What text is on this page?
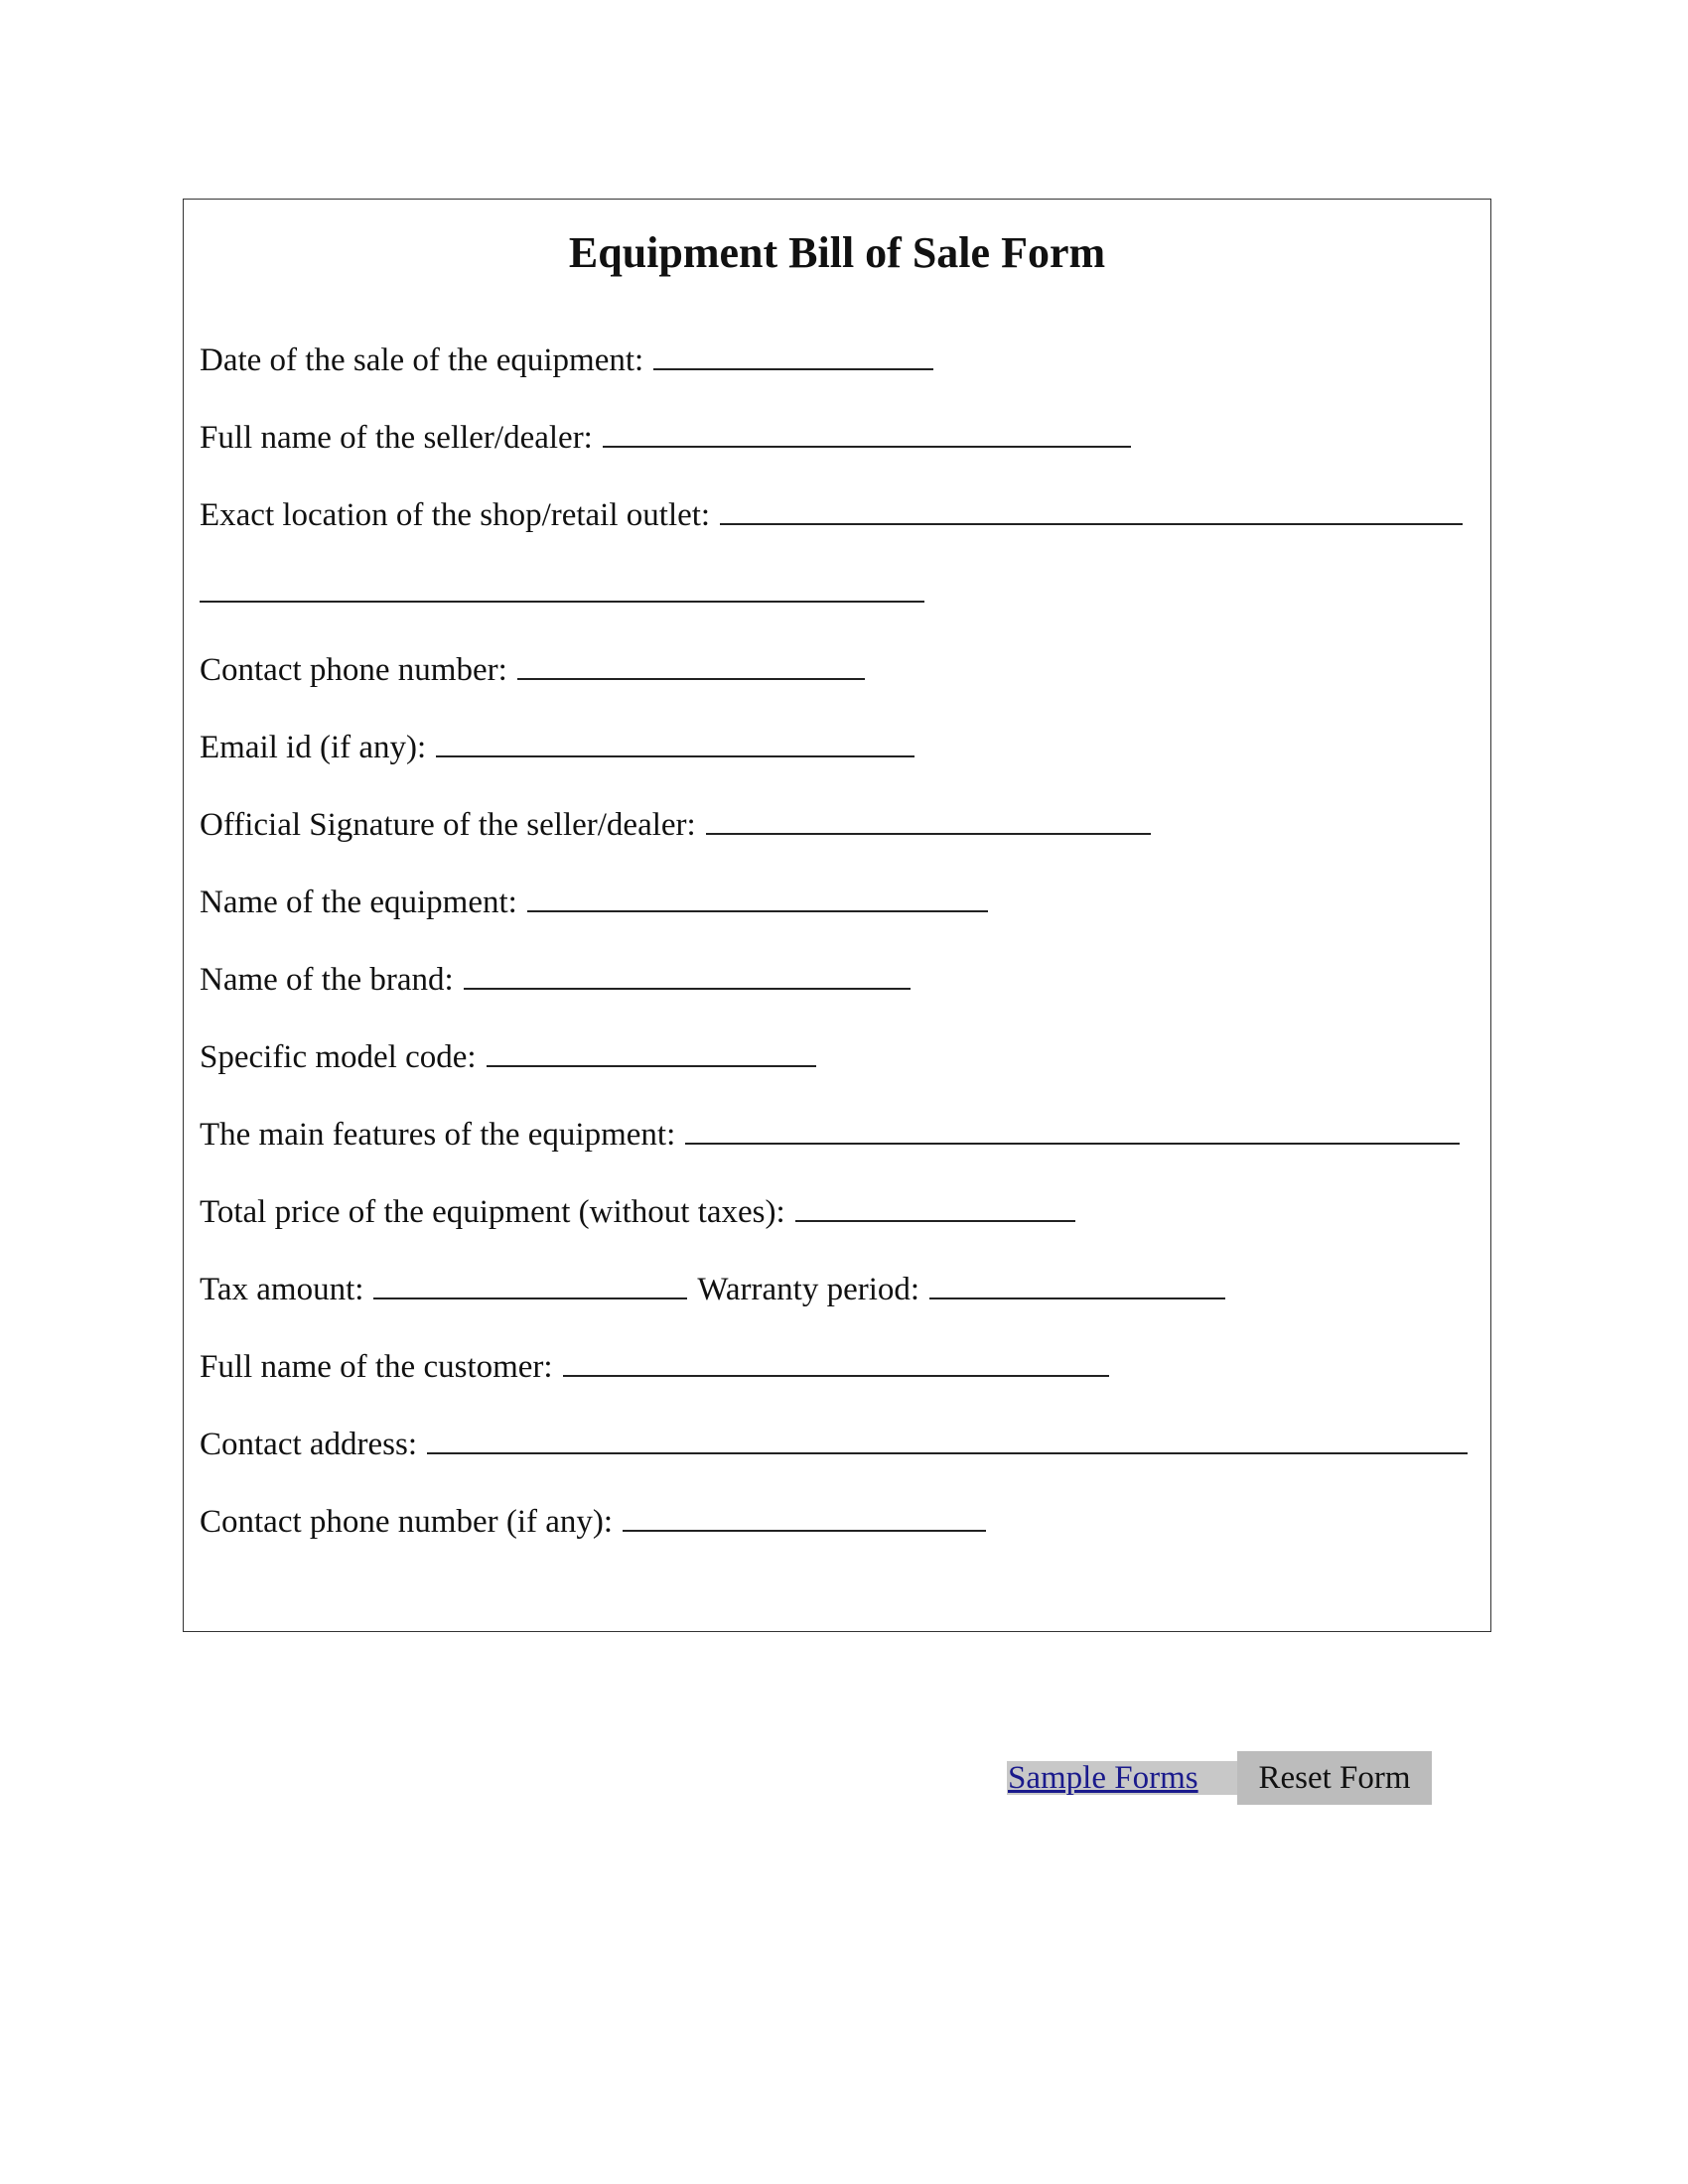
Equipment Bill of Sale Form
Date of the sale of the equipment:
Full name of the seller/dealer:
Exact location of the shop/retail outlet:
Contact phone number:
Email id (if any):
Official Signature of the seller/dealer:
Name of the equipment:
Name of the brand:
Specific model code:
The main features of the equipment:
Total price of the equipment (without taxes):
Tax amount:	Warranty period:
Full name of the customer:
Contact address:
Contact phone number (if any):
Sample Forms	Reset Form
